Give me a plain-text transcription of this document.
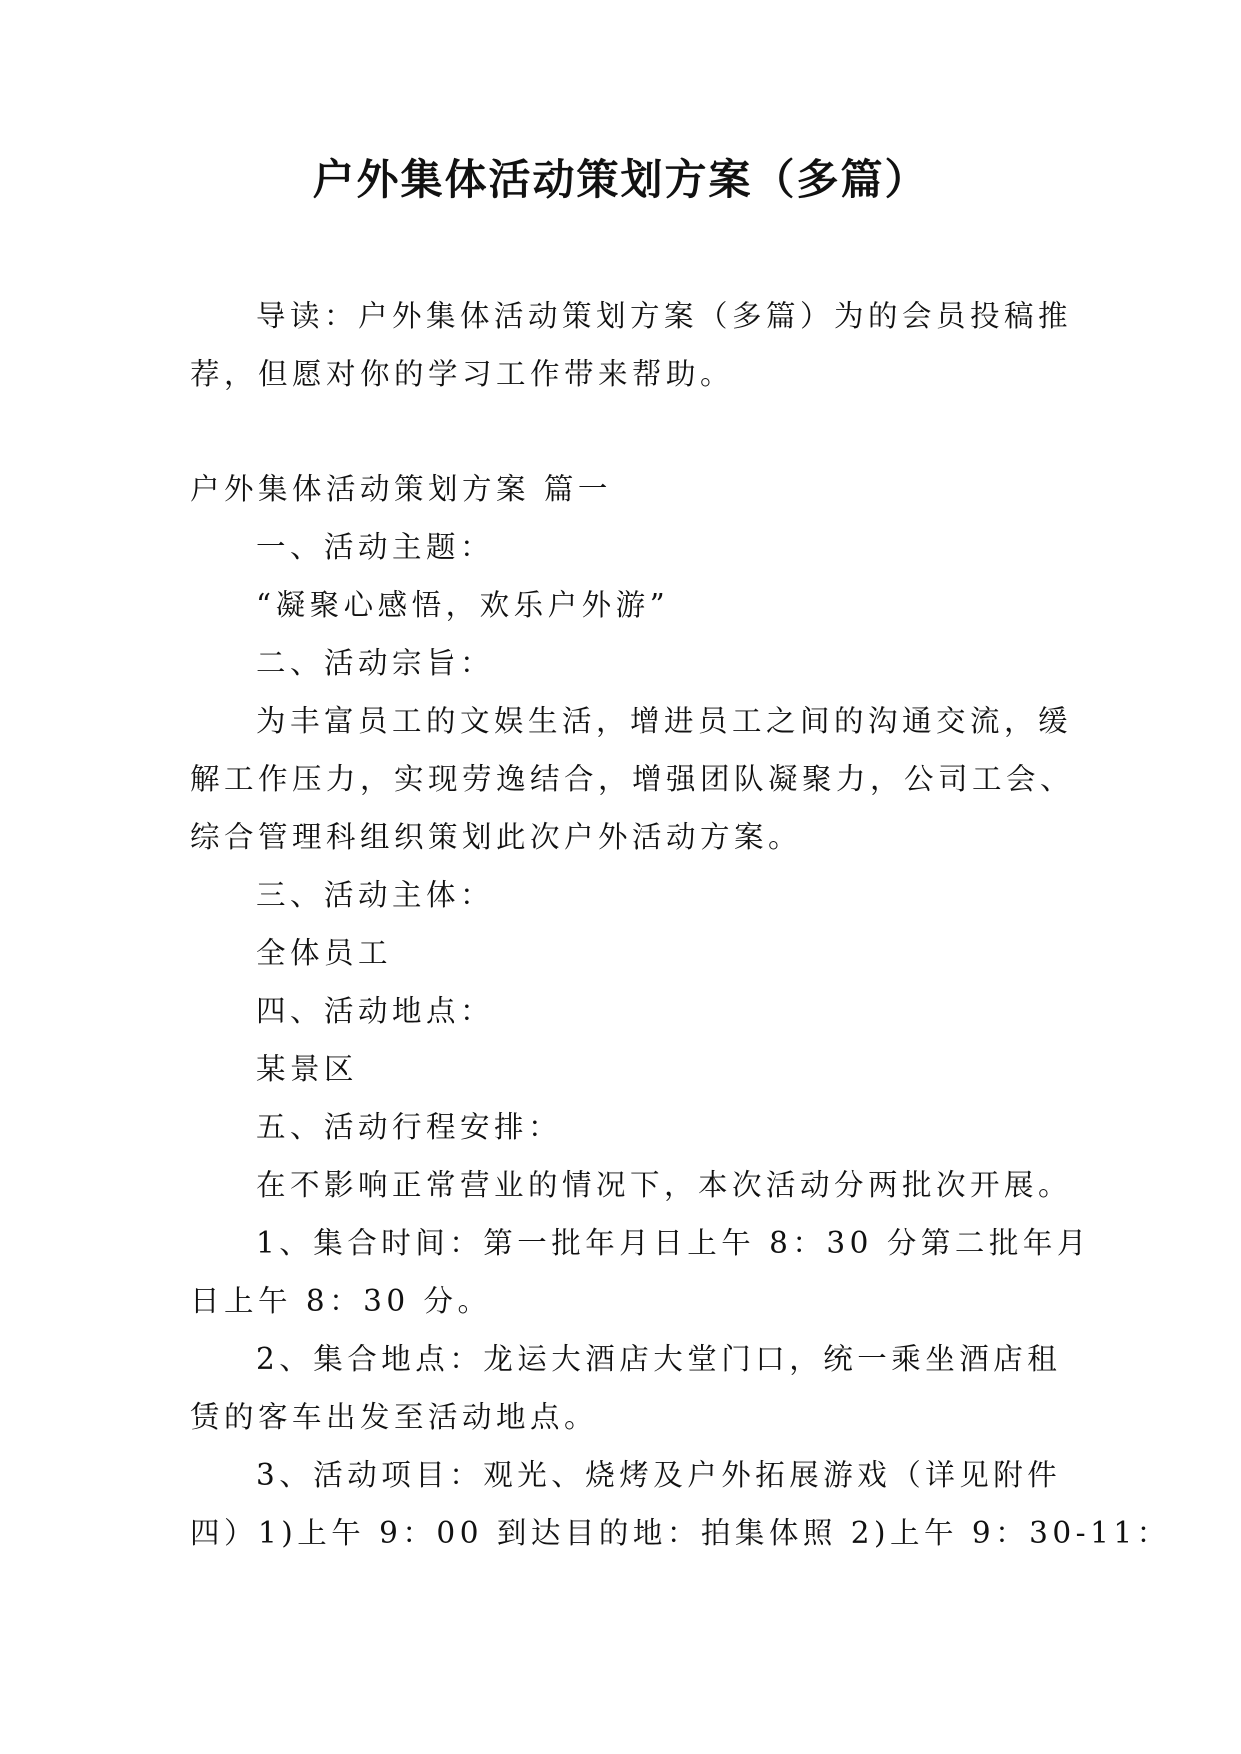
户外集体活动策划方案（多篇）
导读：户外集体活动策划方案（多篇）为的会员投稿推
荐，但愿对你的学习工作带来帮助。
户外集体活动策划方案 篇一
一、活动主题：
“凝聚心感悟，欢乐户外游”
二、活动宗旨：
为丰富员工的文娱生活，增进员工之间的沟通交流，缓
解工作压力，实现劳逸结合，增强团队凝聚力，公司工会、
综合管理科组织策划此次户外活动方案。
三、活动主体：
全体员工
四、活动地点：
某景区
五、活动行程安排：
在不影响正常营业的情况下，本次活动分两批次开展。
1、集合时间：第一批年月日上午 8：30 分第二批年月
日上午 8：30 分。
2、集合地点：龙运大酒店大堂门口，统一乘坐酒店租
赁的客车出发至活动地点。
3、活动项目：观光、烧烤及户外拓展游戏（详见附件
四）1)上午 9：00 到达目的地：拍集体照 2)上午 9：30-11：
